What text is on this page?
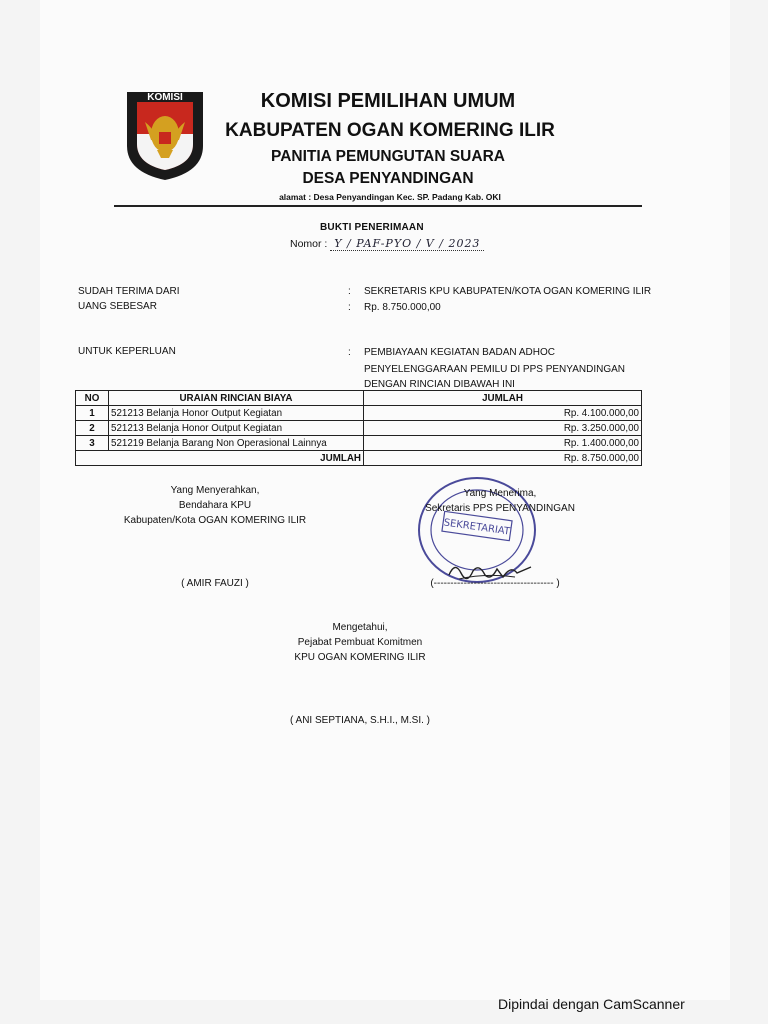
KOMISI	KOMISI PEMILIHAN UMUM
KABUPATEN OGAN KOMERING ILIR
PANITIA PEMUNGUTAN SUARA
DESA PENYANDINGAN
alamat : Desa Penyandingan Kec. SP. Padang Kab. OKI
BUKTI PENERIMAAN
Nomor : Y / PAF-PYO / V / 2023
SUDAH TERIMA DARI	: SEKRETARIS KPU KABUPATEN/KOTA OGAN KOMERING ILIR
UANG SEBESAR	: Rp. 8.750.000,00
UNTUK KEPERLUAN	: PEMBIAYAAN KEGIATAN BADAN ADHOC
PENYELENGGARAAN PEMILU DI PPS PENYANDINGAN
DENGAN RINCIAN DIBAWAH INI
NO	URAIAN RINCIAN BIAYA	JUMLAH
1	521213 Belanja Honor Output Kegiatan	Rp. 4.100.000,00
2	521213 Belanja Honor Output Kegiatan	Rp. 3.250.000,00
3	521219 Belanja Barang Non Operasional Lainnya	Rp. 1.400.000,00
JUMLAH		Rp. 8.750.000,00
Yang Menyerahkan,
Bendahara KPU
Kabupaten/Kota OGAN KOMERING ILIR
( AMIR FAUZI )
SEKRETARIAT
Yang Menerima,
Sekretaris PPS PENYANDINGAN
(------------------------------------ )
Mengetahui,
Pejabat Pembuat Komitmen
KPU OGAN KOMERING ILIR
( ANI SEPTIANA, S.H.I., M.SI. )
Dipindai dengan CamScanner
